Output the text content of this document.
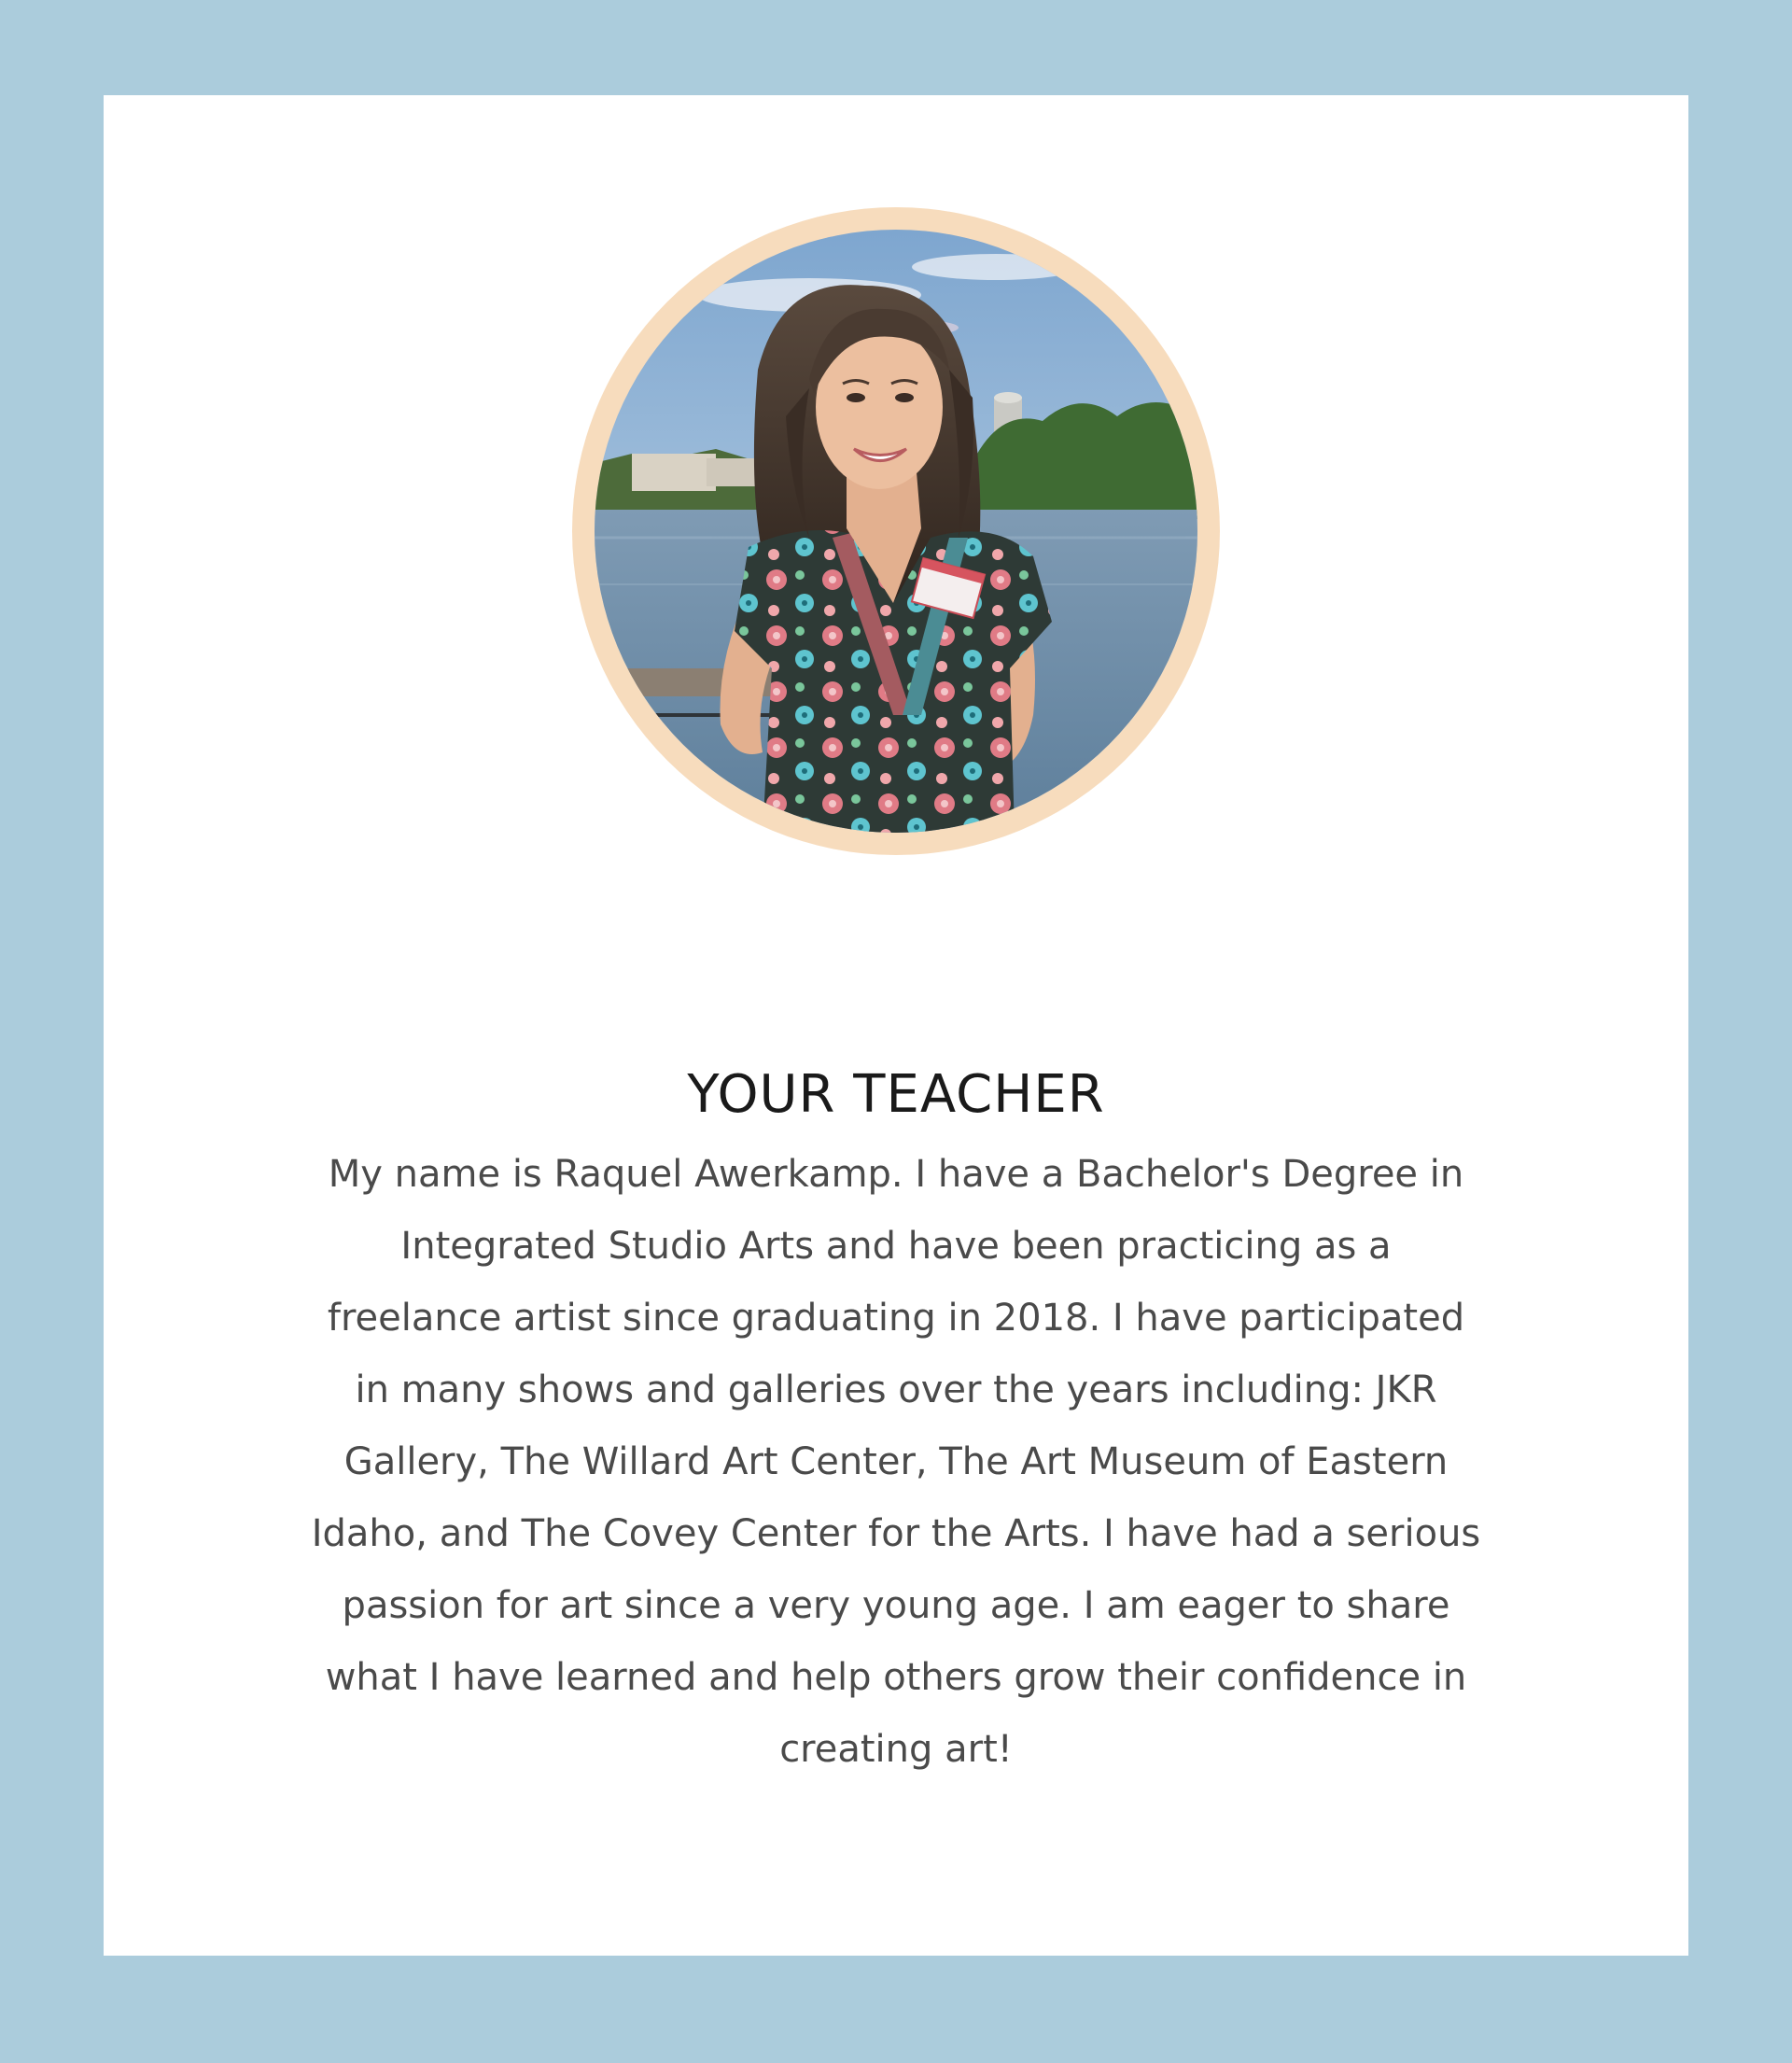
YOUR TEACHER

My name is Raquel Awerkamp. I have a Bachelor's Degree in Integrated Studio Arts and have been practicing as a freelance artist since graduating in 2018. I have participated in many shows and galleries over the years including: JKR Gallery, The Willard Art Center, The Art Museum of Eastern Idaho, and The Covey Center for the Arts. I have had a serious passion for art since a very young age. I am eager to share what I have learned and help others grow their confidence in creating art!
